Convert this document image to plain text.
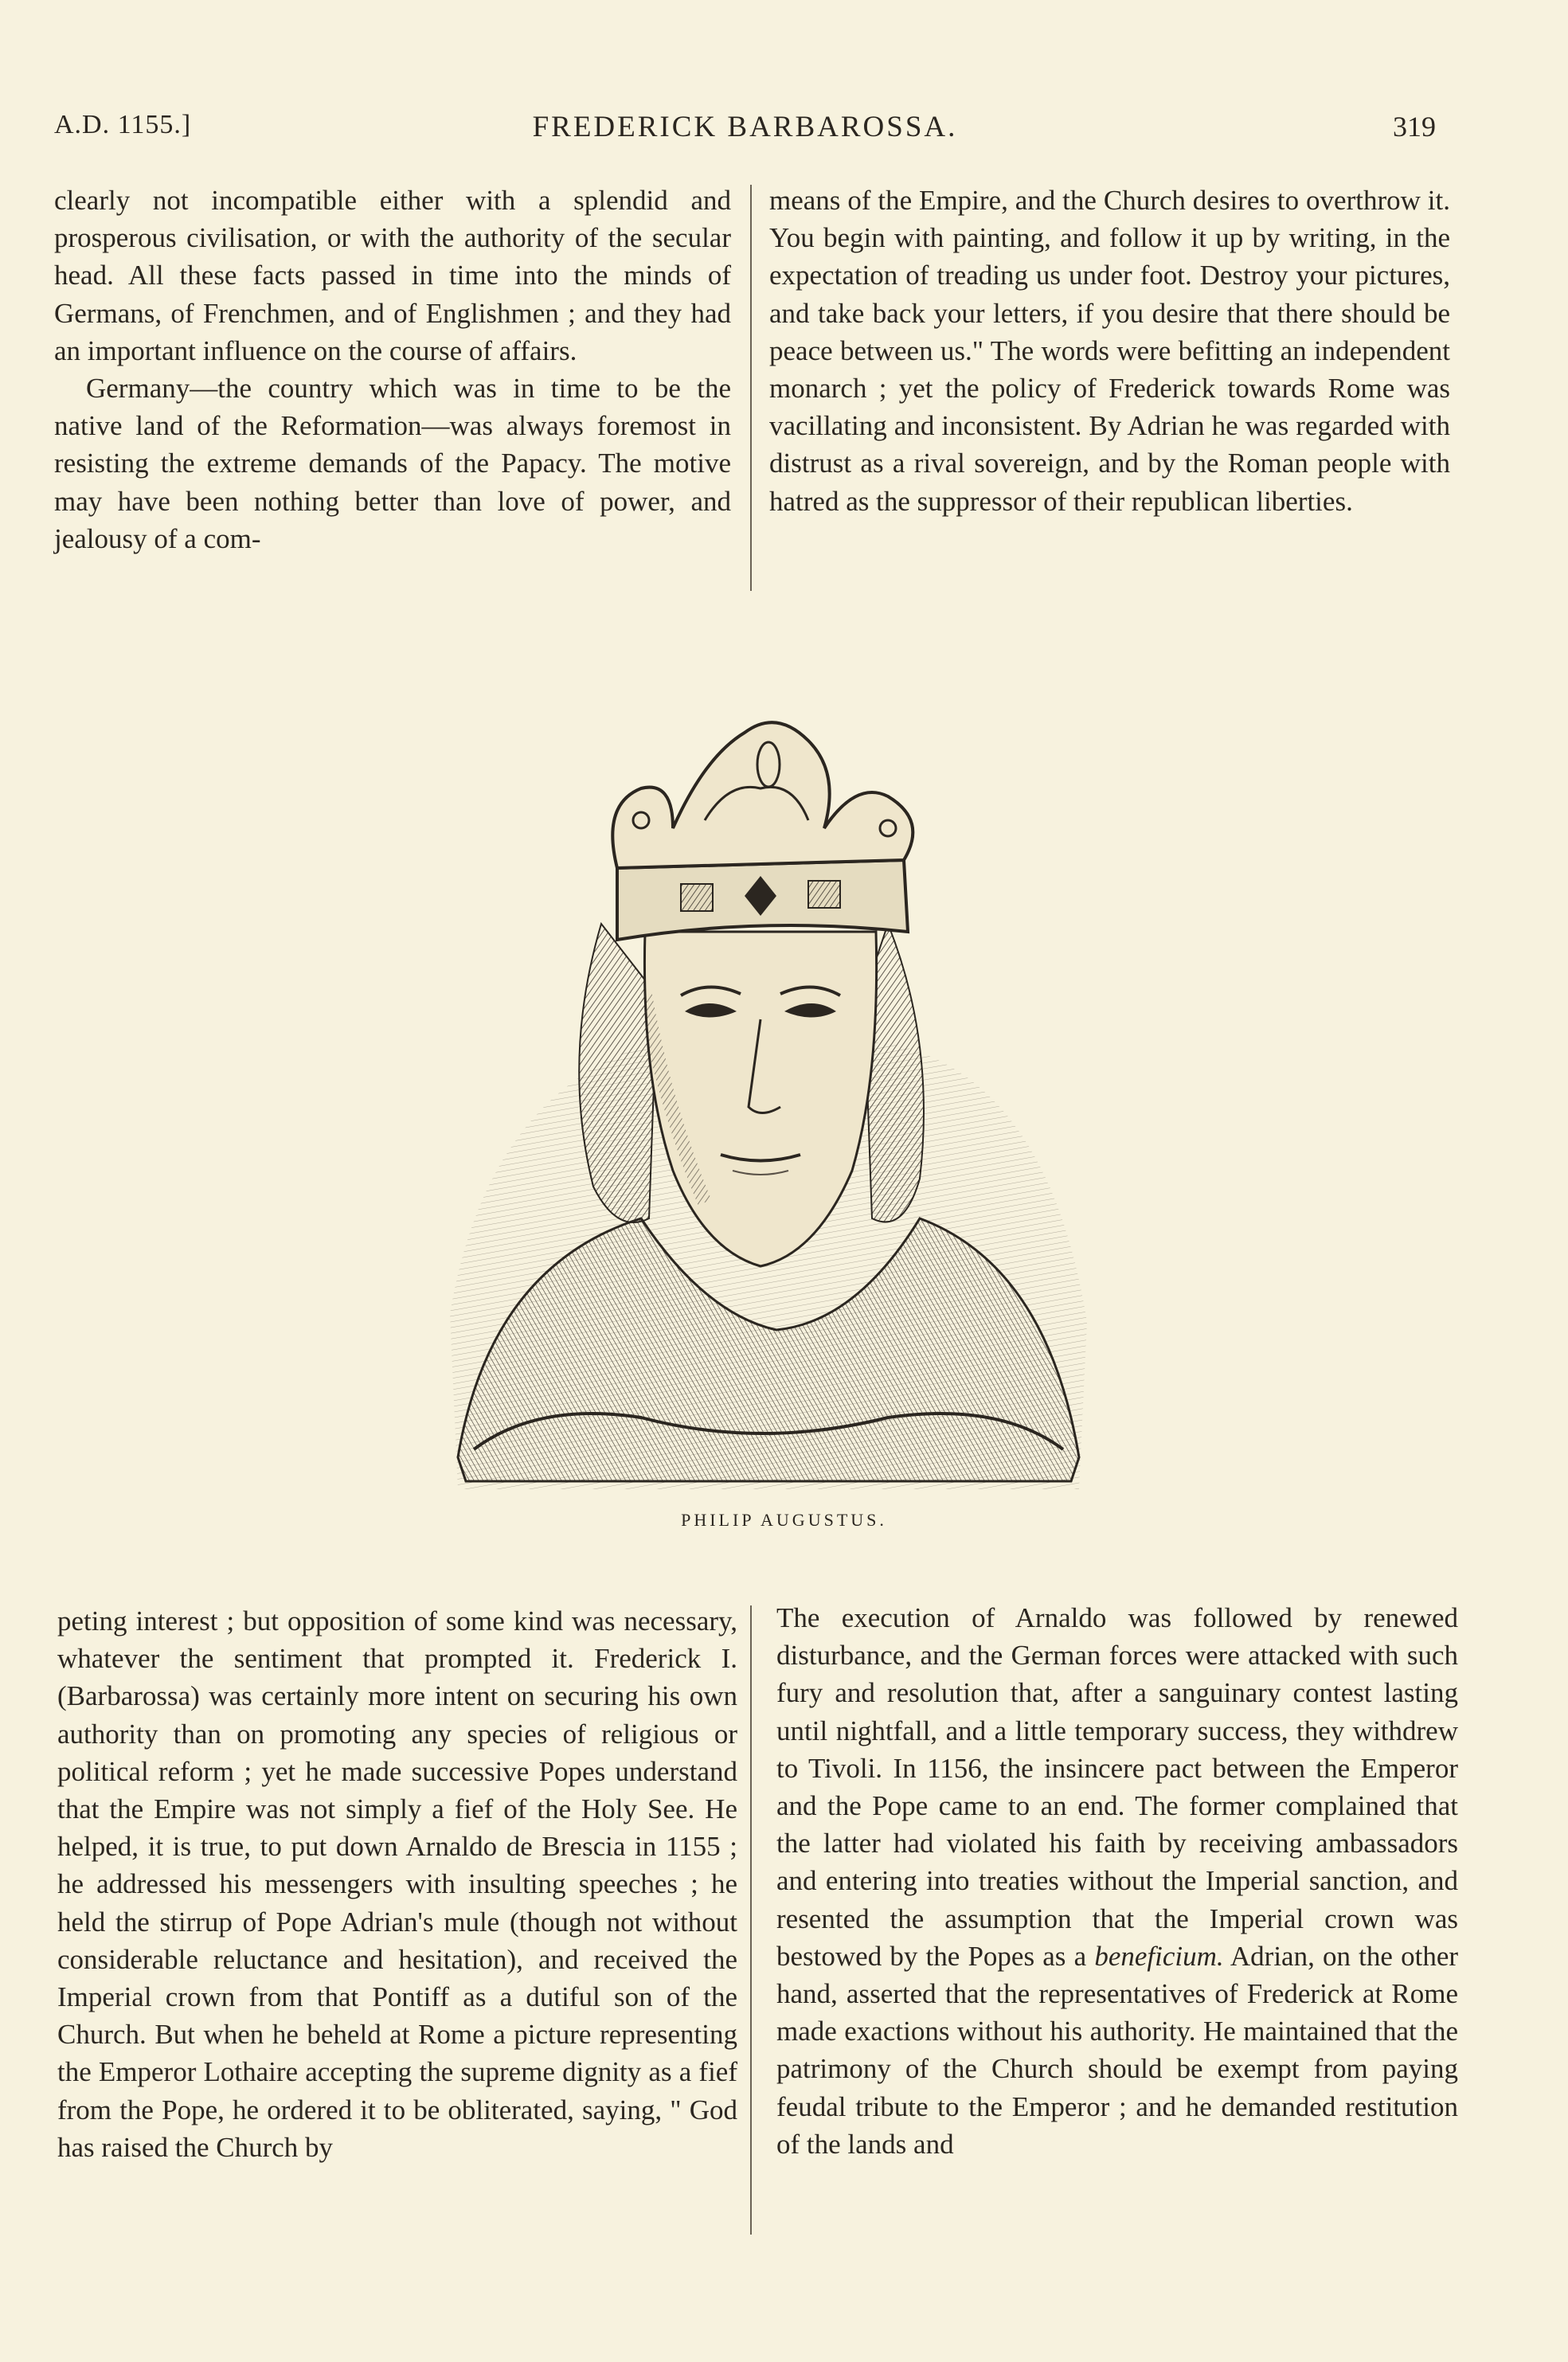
A.D. 1155.]	FREDERICK BARBAROSSA.	319

clearly not incompatible either with a splendid and prosperous civilisation, or with the authority of the secular head. All these facts passed in time into the minds of Germans, of Frenchmen, and of Englishmen ; and they had an important influence on the course of affairs.

Germany—the country which was in time to be the native land of the Reformation—was always foremost in resisting the extreme demands of the Papacy. The motive may have been nothing better than love of power, and jealousy of a com-

means of the Empire, and the Church desires to overthrow it. You begin with painting, and follow it up by writing, in the expectation of treading us under foot. Destroy your pictures, and take back your letters, if you desire that there should be peace between us." The words were befitting an independent monarch ; yet the policy of Frederick towards Rome was vacillating and inconsistent. By Adrian he was regarded with distrust as a rival sovereign, and by the Roman people with hatred as the suppressor of their republican liberties.

PHILIP AUGUSTUS.

peting interest ; but opposition of some kind was necessary, whatever the sentiment that prompted it. Frederick I. (Barbarossa) was certainly more intent on securing his own authority than on promoting any species of religious or political reform ; yet he made successive Popes understand that the Empire was not simply a fief of the Holy See. He helped, it is true, to put down Arnaldo de Brescia in 1155 ; he addressed his messengers with insulting speeches ; he held the stirrup of Pope Adrian's mule (though not without considerable reluctance and hesitation), and received the Imperial crown from that Pontiff as a dutiful son of the Church. But when he beheld at Rome a picture representing the Emperor Lothaire accepting the supreme dignity as a fief from the Pope, he ordered it to be obliterated, saying, " God has raised the Church by

The execution of Arnaldo was followed by renewed disturbance, and the German forces were attacked with such fury and resolution that, after a sanguinary contest lasting until nightfall, and a little temporary success, they withdrew to Tivoli. In 1156, the insincere pact between the Emperor and the Pope came to an end. The former complained that the latter had violated his faith by receiving ambassadors and entering into treaties without the Imperial sanction, and resented the assumption that the Imperial crown was bestowed by the Popes as a beneficium. Adrian, on the other hand, asserted that the representatives of Frederick at Rome made exactions without his authority. He maintained that the patrimony of the Church should be exempt from paying feudal tribute to the Emperor ; and he demanded restitution of the lands and
